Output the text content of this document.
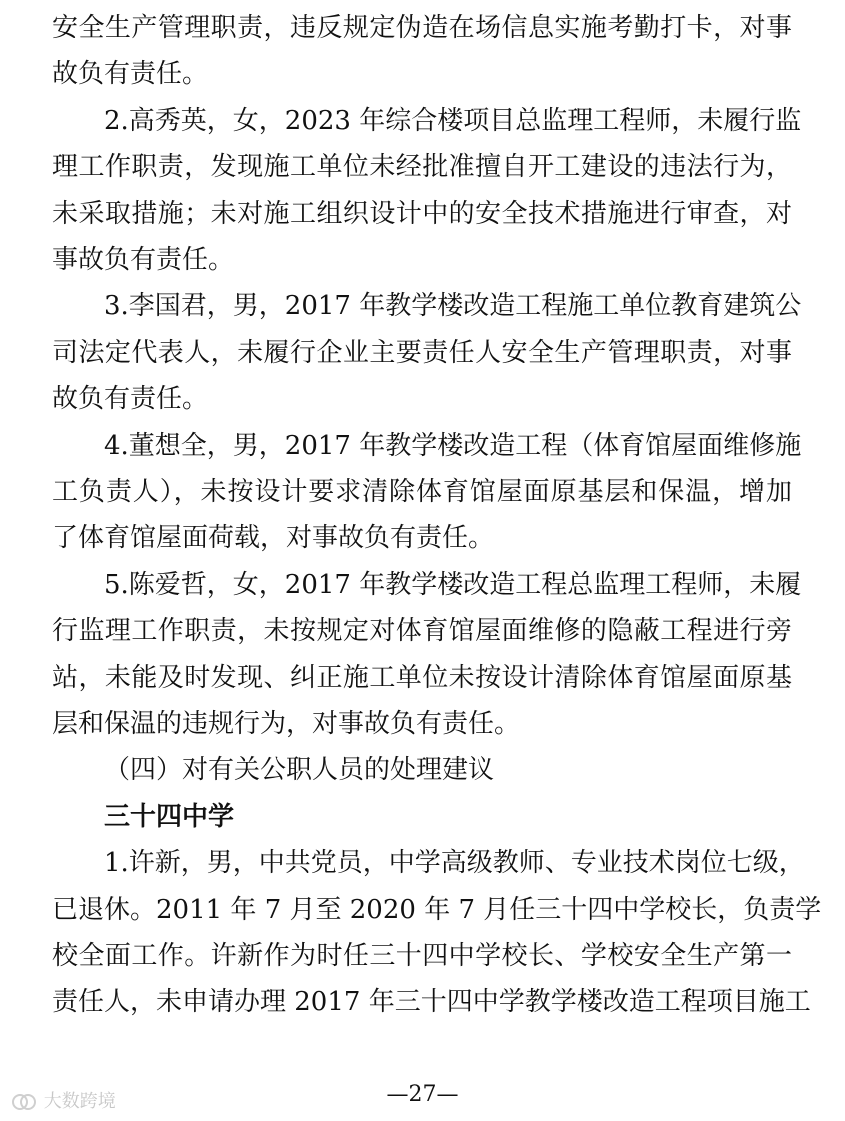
安全生产管理职责，违反规定伪造在场信息实施考勤打卡，对事
故负有责任。
2.高秀英，女，2023 年综合楼项目总监理工程师，未履行监
理工作职责，发现施工单位未经批准擅自开工建设的违法行为，
未采取措施；未对施工组织设计中的安全技术措施进行审查，对
事故负有责任。
3.李国君，男，2017 年教学楼改造工程施工单位教育建筑公
司法定代表人，未履行企业主要责任人安全生产管理职责，对事
故负有责任。
4.董想全，男，2017 年教学楼改造工程（体育馆屋面维修施
工负责人），未按设计要求清除体育馆屋面原基层和保温，增加
了体育馆屋面荷载，对事故负有责任。
5.陈爱哲，女，2017 年教学楼改造工程总监理工程师，未履
行监理工作职责，未按规定对体育馆屋面维修的隐蔽工程进行旁
站，未能及时发现、纠正施工单位未按设计清除体育馆屋面原基
层和保温的违规行为，对事故负有责任。
（四）对有关公职人员的处理建议
三十四中学
1.许新，男，中共党员，中学高级教师、专业技术岗位七级，
已退休。2011 年 7 月至 2020 年 7 月任三十四中学校长，负责学
校全面工作。许新作为时任三十四中学校长、学校安全生产第一
责任人，未申请办理 2017 年三十四中学教学楼改造工程项目施工
—27—
大数跨境
